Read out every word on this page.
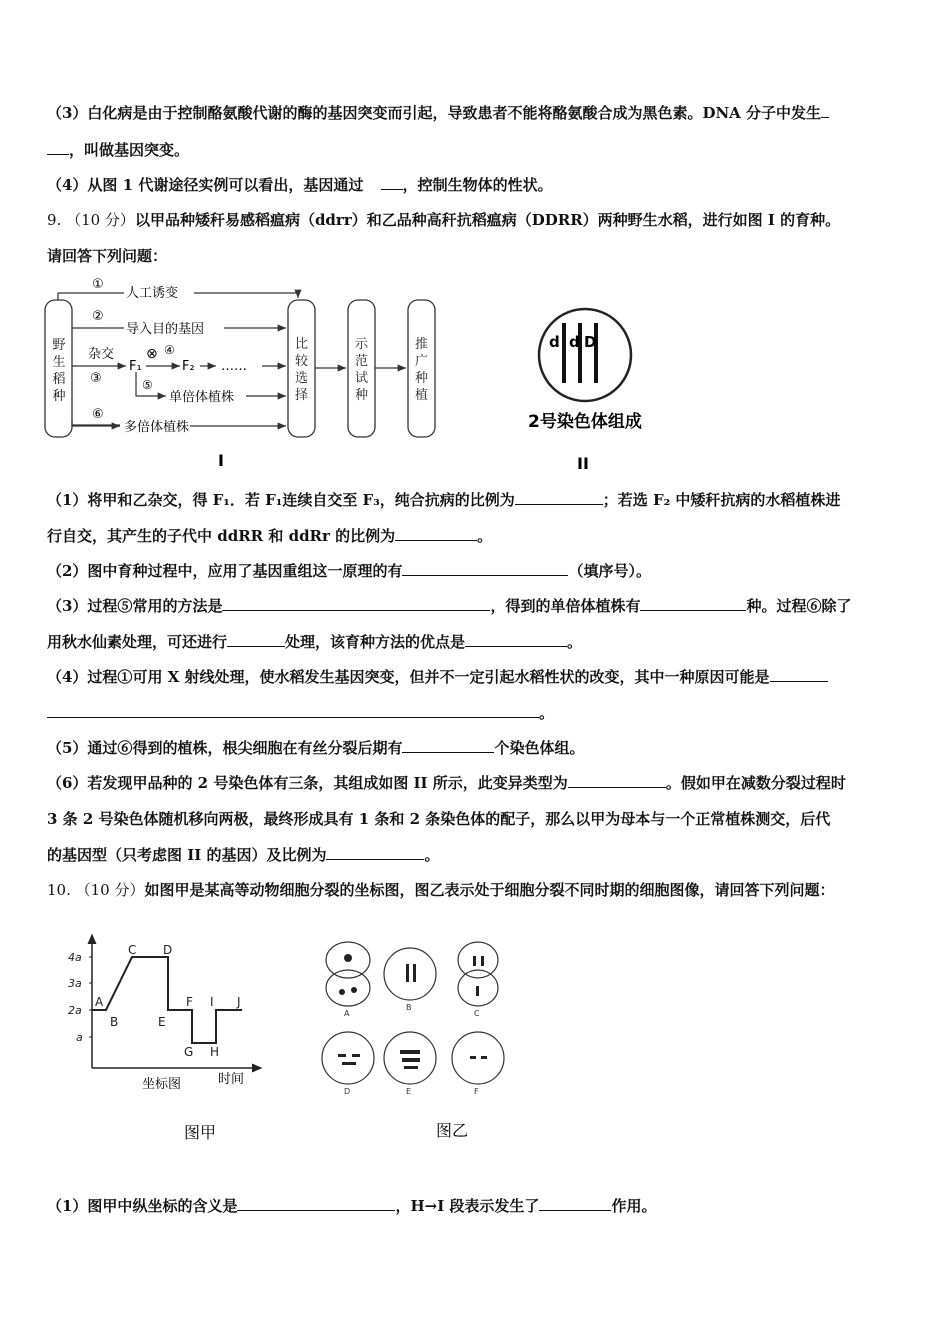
（3）白化病是由于控制酪氨酸代谢的酶的基因突变而引起，导致患者不能将酪氨酸合成为黑色素。DNA 分子中发生
，叫做基因突变。
（4）从图 1 代谢途径实例可以看出，基因通过	，控制生物体的性状。
9. （10 分）以甲品种矮秆易感稻瘟病（ddrr）和乙品种高秆抗稻瘟病（DDRR）两种野生水稻，进行如图 I 的育种。
请回答下列问题：
比
较
选
择
示
范
试
种
推
广
种
植
①
人工诱变
②
导入目的基因
杂交 ⊗ ④
③
F₁	F₂ ……
⑤
单倍体植株
⑥
多倍体植株
I
野
生
稻
种
d d D
2号染色体组成
II
（1）将甲和乙杂交，得 F₁．若 F₁连续自交至 F₃，纯合抗病的比例为	；若选 F₂ 中矮秆抗病的水稻植株进
行自交，其产生的子代中 ddRR 和 ddRr 的比例为	。
（2）图中育种过程中，应用了基因重组这一原理的有	（填序号）。
（3）过程⑤常用的方法是	，得到的单倍体植株有	种。过程⑥除了
用秋水仙素处理，可还进行	处理，该育种方法的优点是	。
（4）过程①可用 X 射线处理，使水稻发生基因突变，但并不一定引起水稻性状的改变，其中一种原因可能是
。
（5）通过⑥得到的植株，根尖细胞在有丝分裂后期有	个染色体组。
（6）若发现甲品种的 2 号染色体有三条，其组成如图 II 所示，此变异类型为	。假如甲在减数分裂过程时
3 条 2 号染色体随机移向两极，最终形成具有 1 条和 2 条染色体的配子，那么以甲为母本与一个正常植株测交，后代
的基因型（只考虑图 II 的基因）及比例为	。
10. （10 分）如图甲是某高等动物细胞分裂的坐标图，图乙表示处于细胞分裂不同时期的细胞图像，请回答下列问题：
4a
3a
2a
a
A
B
C D
E
F
G H
I J
时间
坐标图
图甲
A
B
C
D	E	F
图乙
（1）图甲中纵坐标的含义是	，H→I 段表示发生了	作用。
